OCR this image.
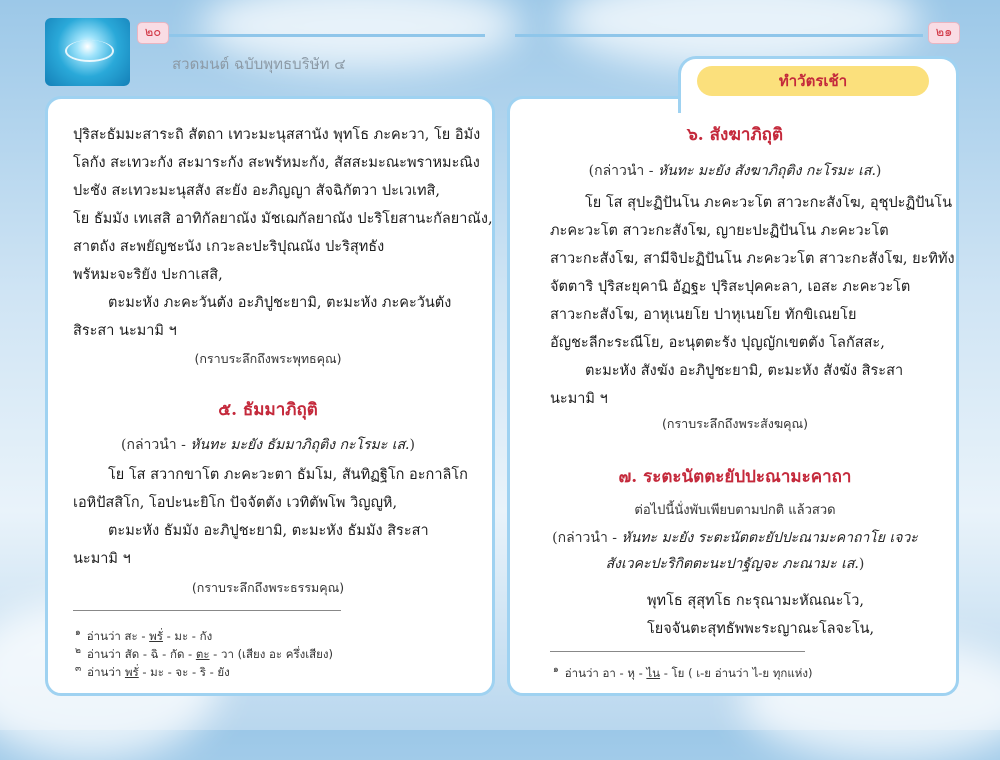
๒๐	๒๑
สวดมนต์ ฉบับพุทธบริษัท ๔
ทำวัตรเช้า
ปุริสะธัมมะสาระถิ สัตถา เทวะมะนุสสานัง พุทโธ ภะคะวา, โย อิมัง
โลกัง สะเทวะกัง สะมาระกัง สะพรัหมะกัง, สัสสะมะณะพราหมะณิง
ปะชัง สะเทวะมะนุสสัง สะยัง อะภิญญา สัจฉิกัตวา ปะเวเทสิ,
โย ธัมมัง เทเสสิ อาทิกัลยาณัง มัชเฌกัลยาณัง ปะริโยสานะกัลยาณัง,
สาตถัง สะพยัญชะนัง เกวะละปะริปุณณัง ปะริสุทธัง
พรัหมะจะริยัง ปะกาเสสิ,
ตะมะหัง ภะคะวันตัง อะภิปูชะยามิ, ตะมะหัง ภะคะวันตัง
สิระสา นะมามิ ฯ
(กราบระลึกถึงพระพุทธคุณ)
๕. ธัมมาภิถุติ
(กล่าวนำ - หันทะ มะยัง ธัมมาภิถุติง กะโรมะ เส.)
โย โส สวากขาโต ภะคะวะตา ธัมโม, สันทิฏฐิโก อะกาลิโก
เอหิปัสสิโก, โอปะนะยิโก ปัจจัตตัง เวทิตัพโพ วิญญูหิ,
ตะมะหัง ธัมมัง อะภิปูชะยามิ, ตะมะหัง ธัมมัง สิระสา
นะมามิ ฯ
(กราบระลึกถึงพระธรรมคุณ)
$^๑$ อ่านว่า สะ - พรั่ - มะ - กัง
$^๒$ อ่านว่า สัด - ฉิ - กัด - ตะ - วา (เสียง อะ ครึ่งเสียง)
$^๓$ อ่านว่า พรั่ - มะ - จะ - ริ - ยัง
๖. สังฆาภิถุติ
(กล่าวนำ - หันทะ มะยัง สังฆาภิถุติง กะโรมะ เส.)
โย โส สุปะฏิปันโน ภะคะวะโต สาวะกะสังโฆ, อุชุปะฏิปันโน
ภะคะวะโต สาวะกะสังโฆ, ญายะปะฏิปันโน ภะคะวะโต
สาวะกะสังโฆ, สามีจิปะฏิปันโน ภะคะวะโต สาวะกะสังโฆ, ยะทิทัง
จัตตาริ ปุริสะยุคานิ อัฏฐะ ปุริสะปุคคะลา, เอสะ ภะคะวะโต
สาวะกะสังโฆ, อาหุเนยโย ปาหุเนยโย ทักขิเณยโย
อัญชะลีกะระณีโย, อะนุตตะรัง ปุญญักเขตตัง โลกัสสะ,
ตะมะหัง สังฆัง อะภิปูชะยามิ, ตะมะหัง สังฆัง สิระสา
นะมามิ ฯ
(กราบระลึกถึงพระสังฆคุณ)
๗. ระตะนัตตะยัปปะณามะคาถา
ต่อไปนี้นั่งพับเพียบตามปกติ แล้วสวด
(กล่าวนำ - หันทะ มะยัง ระตะนัตตะยัปปะณามะคาถาโย เจวะ
สังเวคะปะริกิตตะนะปาฐัญจะ ภะณามะ เส.)
พุทโธ สุสุทโธ กะรุณามะหัณณะโว,
โยจจันตะสุทธัพพะระญาณะโลจะโน,
$^๑$ อ่านว่า อา - หุ - ไน - โย ( เ-ย อ่านว่า ไ-ย ทุกแห่ง)
